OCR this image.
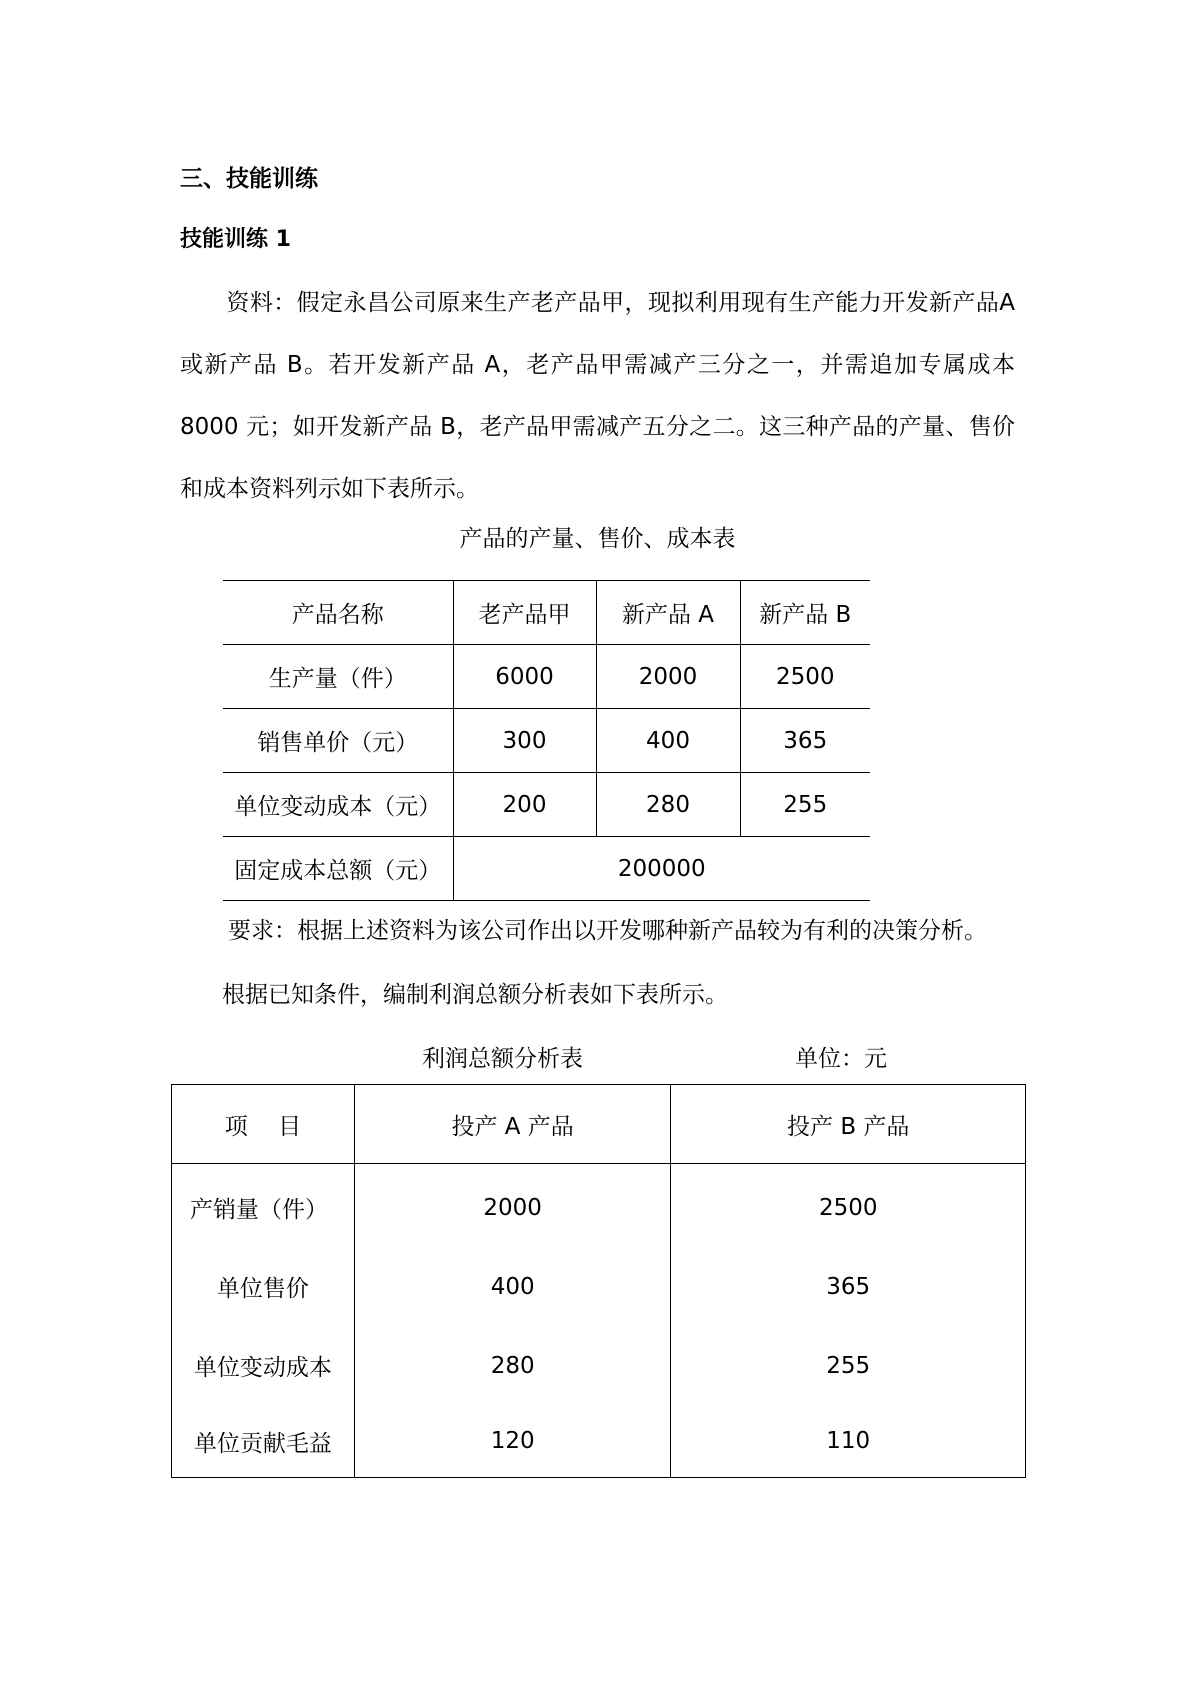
三、技能训练
技能训练 1

资料：假定永昌公司原来生产老产品甲，现拟利用现有生产能力开发新产品A 或新产品 B。若开发新产品 A，老产品甲需减产三分之一，并需追加专属成本8000 元；如开发新产品 B，老产品甲需减产五分之二。这三种产品的产量、售价和成本资料列示如下表所示。

产品的产量、售价、成本表
产品名称	老产品甲	新产品 A	新产品 B
生产量（件）	6000	2000	2500
销售单价（元）	300	400	365
单位变动成本（元）	200	280	255
固定成本总额（元）	200000		
要求：根据上述资料为该公司作出以开发哪种新产品较为有利的决策分析。
根据已知条件，编制利润总额分析表如下表所示。
利润总额分析表	单位：元
项　 目	投产 A 产品	投产 B 产品
产销量（件）	2000	2500
单位售价	400	365
单位变动成本	280	255
单位贡献毛益	120	110
